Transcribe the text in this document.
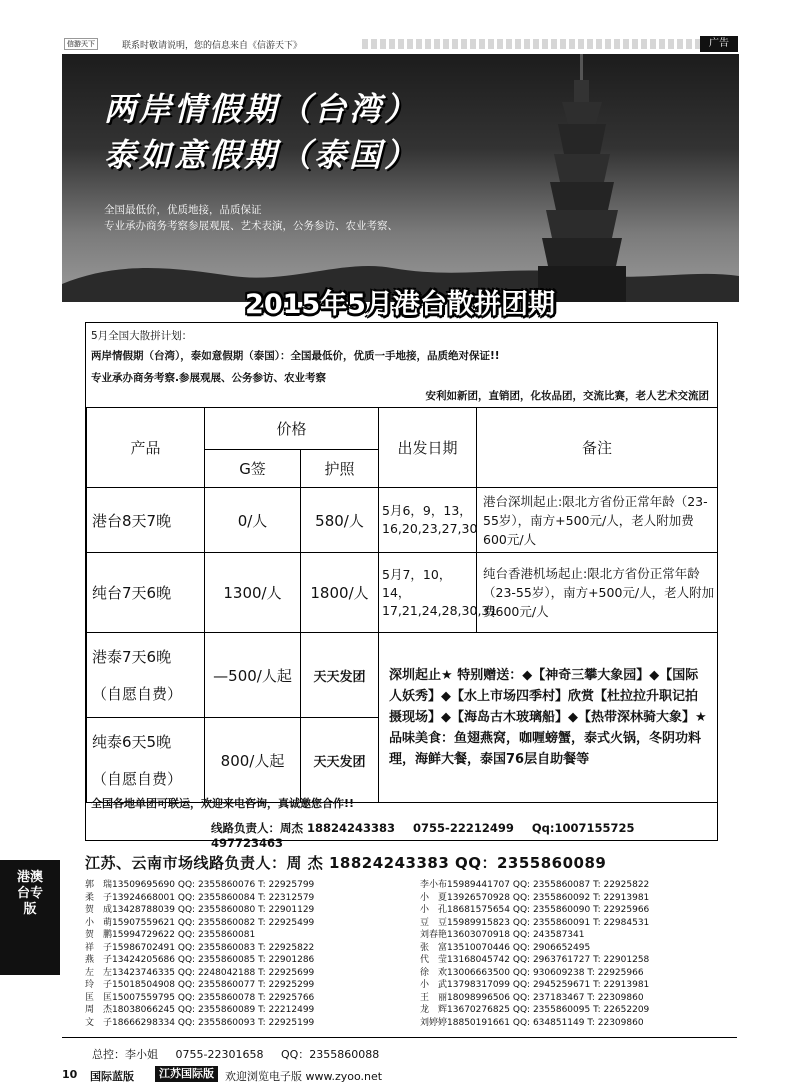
信游天下	联系时敬请说明，您的信息来自《信游天下》	广告
两岸情假期（台湾）
泰如意假期（泰国）
全国最低价，优质地接，品质保证
专业承办商务考察参展观展、艺术表演，公务参访、农业考察、
2015年5月港台散拼团期
5月全国大散拼计划：
两岸情假期（台湾），泰如意假期（泰国）：全国最低价，优质一手地接，品质绝对保证!!
专业承办商务考察.参展观展、公务参访、农业考察
安利如新团，直销团，化妆品团，交流比赛，老人艺术交流团
产品	价格		出发日期	备注
	G签	护照		
港台8天7晚	0/人	580/人	5月6，9，13，16,20,23,27,30	港台深圳起止:限北方省份正常年龄（23-55岁），南方+500元/人，老人附加费600元/人
纯台7天6晚	1300/人	1800/人	5月7，10，14，17,21,24,28,30,31	纯台香港机场起止:限北方省份正常年龄（23-55岁），南方+500元/人，老人附加费600元/人

港泰7天6晚
（自愿自费）	—500/人起	天天发团	深圳起止★ 特别赠送：◆【神奇三攀大象园】◆【国际人妖秀】◆【水上市场四季村】欣赏【杜拉拉升职记拍摄现场】◆【海岛古木玻璃船】◆【热带深林骑大象】★ 品味美食：鱼翅燕窝，咖喱螃蟹，泰式火锅，冬阴功料理，海鲜大餐，泰国76层自助餐等	

纯泰6天5晚
（自愿自费）	800/人起	天天发团		
全国各地单团可联运，欢迎来电咨询，真诚邀您合作!!
线路负责人：周杰 18824243383 0755-22212499 Qq:1007155725 497723463
江苏、云南市场线路负责人：周 杰 18824243383 QQ：2355860089
郭　瑞13509695690 QQ: 2355860076 T: 22925799
柔　子13924668001 QQ: 2355860084 T: 22312579
贺　成13428788039 QQ: 2355860080 T: 22901129
小　萌15907559621 QQ: 2355860082 T: 22925499
贺　鹏15994729622 QQ: 2355860081
祥　子15986702491 QQ: 2355860083 T: 22925822
燕　子13424205686 QQ: 2355860085 T: 22901286
左　左13423746335 QQ: 2248042188 T: 22925699
玲　子15018504908 QQ: 2355860077 T: 22925299
匡　匡15007559795 QQ: 2355860078 T: 22925766
周　杰18038066245 QQ: 2355860089 T: 22212499
文　子18666298334 QQ: 2355860093 T: 22925199
李小布15989441707 QQ: 2355860087 T: 22925822
小　夏13926570928 QQ: 2355860092 T: 22913981
小　孔18681575654 QQ: 2355860090 T: 22925966
豆　豆15989915823 QQ: 2355860091 T: 22984531
刘春艳13603070918 QQ: 243587341
张　富13510070446 QQ: 2906652495
代　莹13168045742 QQ: 2963761727 T: 22901258
徐　欢13006663500 QQ: 930609238 T: 22925966
小　武13798317099 QQ: 2945259671 T: 22913981
王　丽18098996506 QQ: 237183467 T: 22309860
龙　辉13670276825 QQ: 2355860095 T: 22652209
刘婷婷18850191661 QQ: 634851149 T: 22309860
总控：李小姐 0755-22301658 QQ：2355860088
港澳台专版
10 国际蓝版	江苏国际版	欢迎浏览电子版 www.zyoo.net
